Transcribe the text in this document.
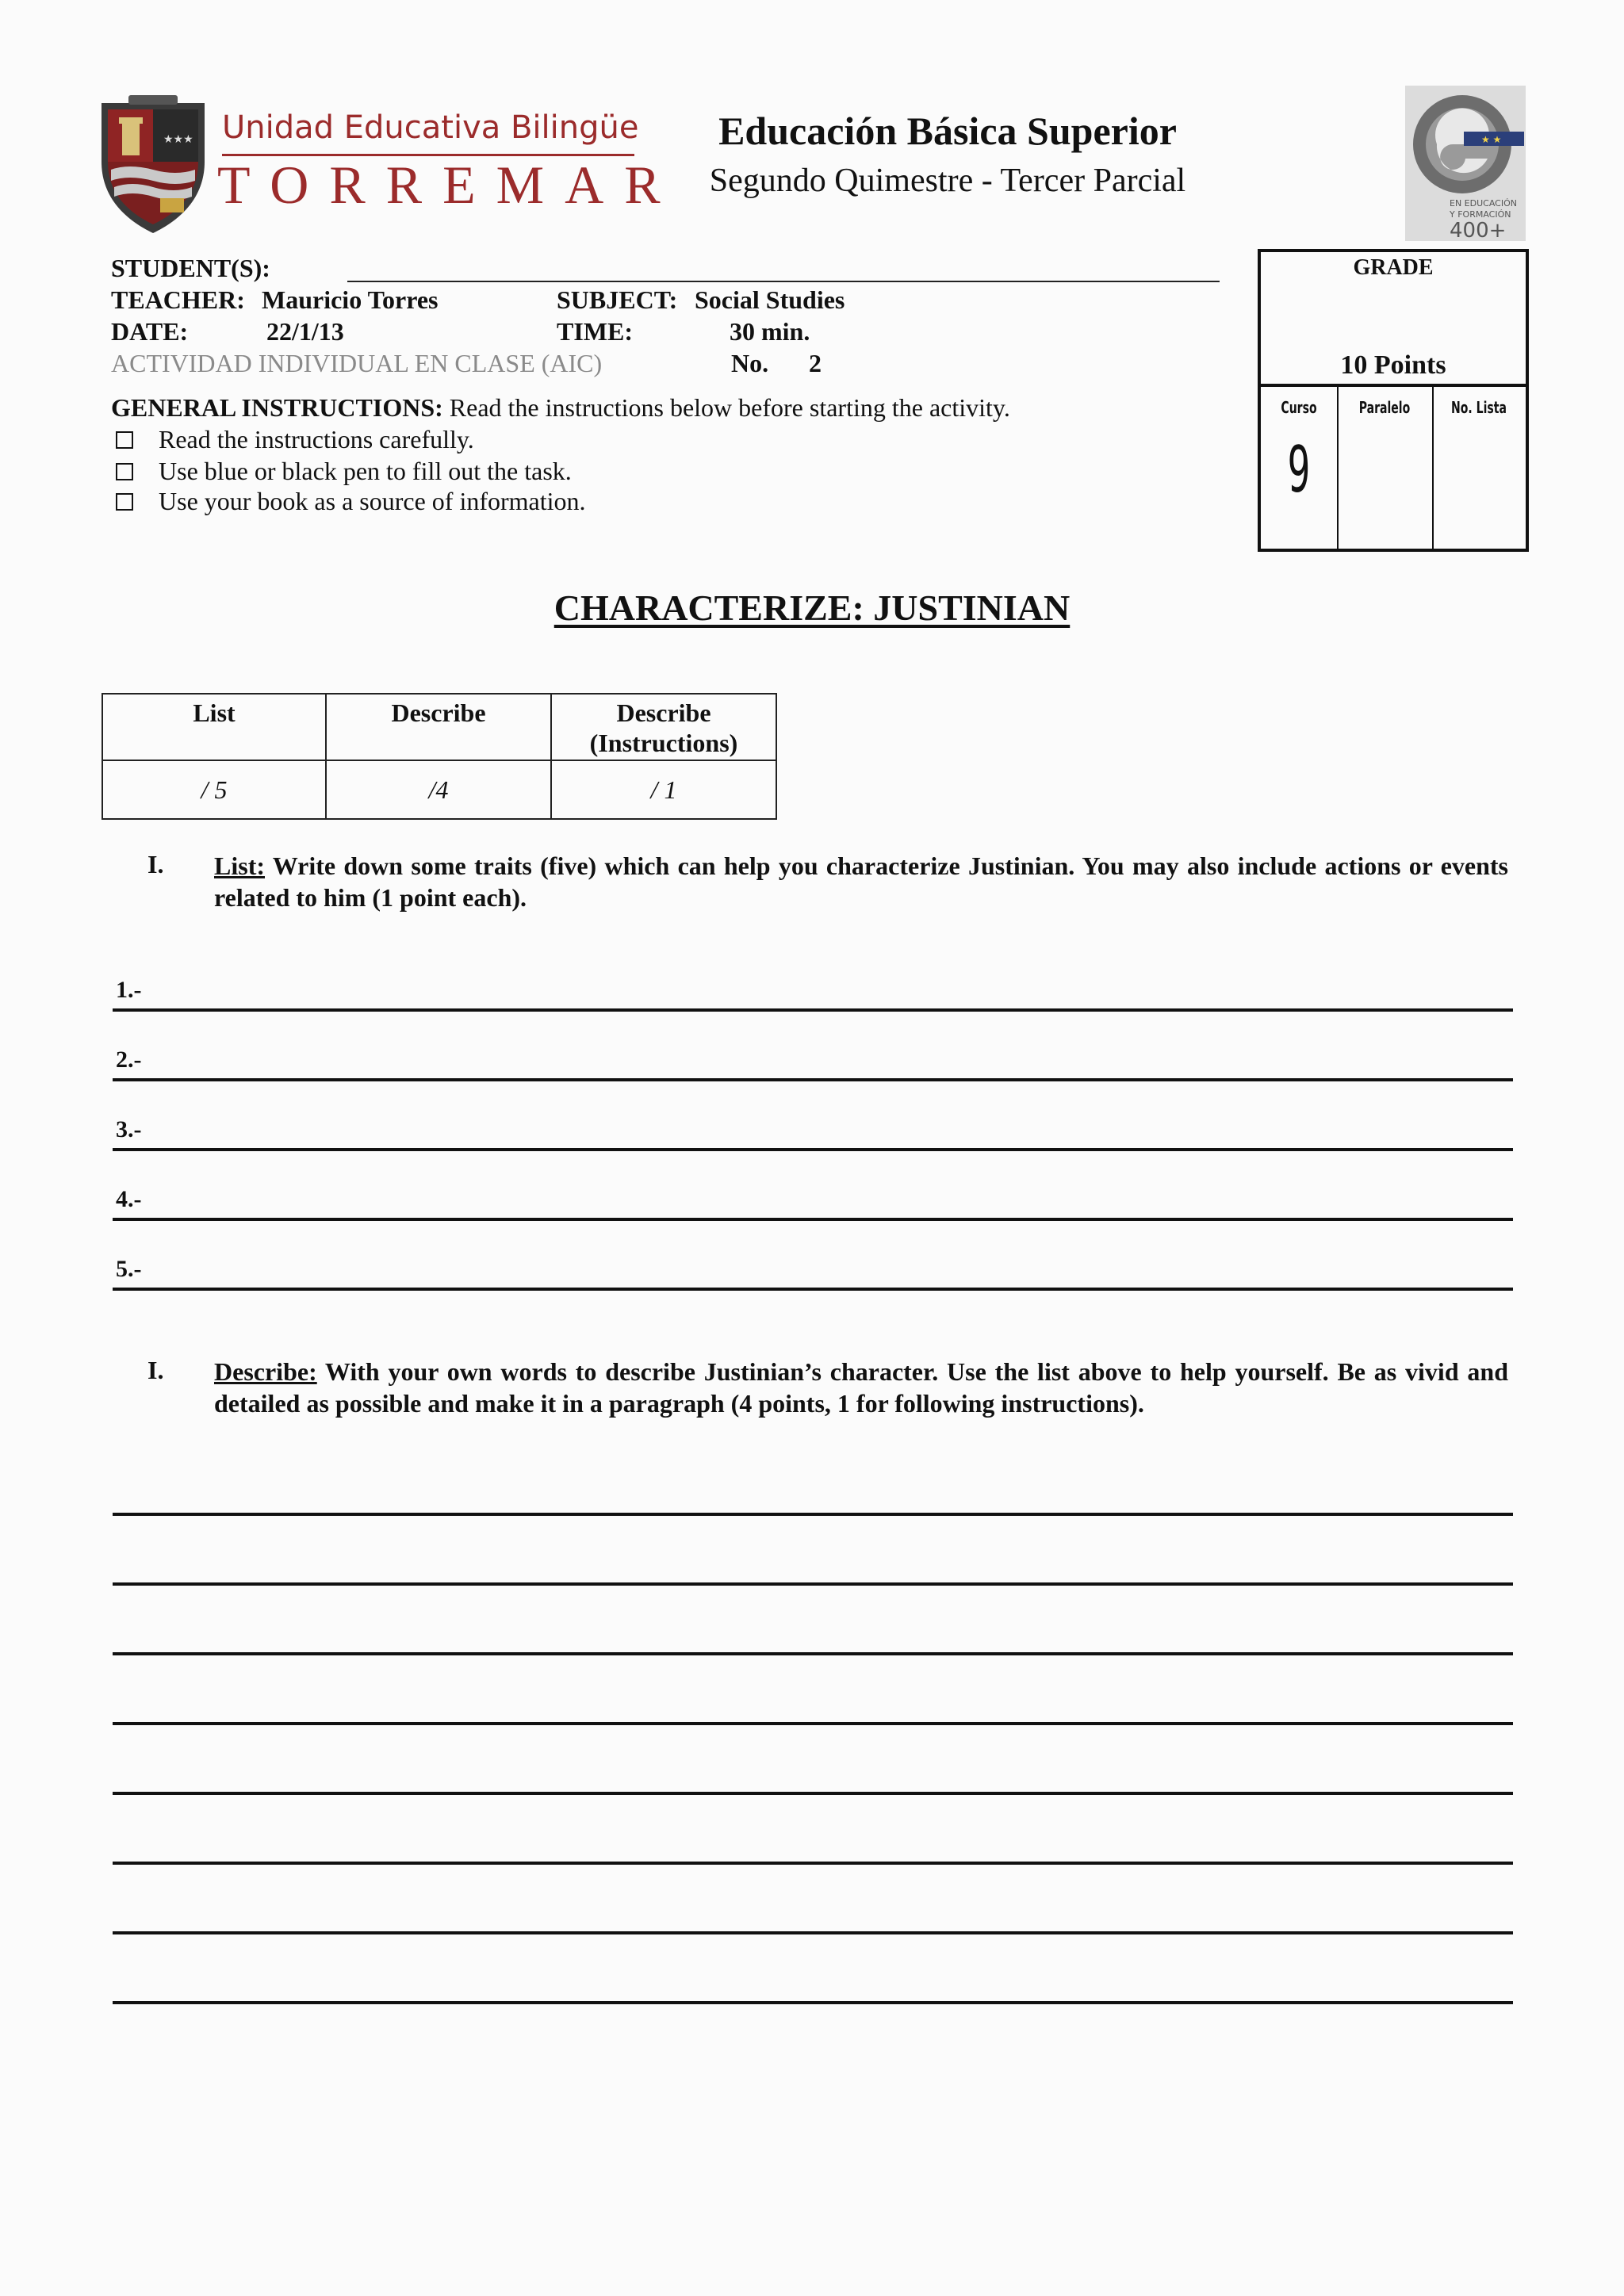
★★★ Unidad Educativa Bilingüe
TORREMAR
★ ★
EN EDUCACIÓN
Y FORMACIÓN
400+
Educación Básica Superior
Segundo Quimestre - Tercer Parcial
STUDENT(S):
TEACHER: Mauricio Torres	SUBJECT: Social Studies
DATE:	22/1/13	TIME:	30 min.
ACTIVIDAD INDIVIDUAL EN CLASE (AIC)	No. 2
GRADE
10 Points
Curso	Paralelo	No. Lista
9
GENERAL INSTRUCTIONS: Read the instructions below before starting the activity.
Read the instructions carefully.
Use blue or black pen to fill out the task.
Use your book as a source of information.
CHARACTERIZE: JUSTINIAN
List	Describe	Describe
(Instructions)
/ 5	/4	/ 1
I. List: Write down some traits (five) which can help you characterize Justinian. You may also include actions or events related to him (1 point each).
1.-
2.-
3.-
4.-
5.-
I. Describe: With your own words to describe Justinian’s character. Use the list above to help yourself. Be as vivid and detailed as possible and make it in a paragraph (4 points, 1 for following instructions).
